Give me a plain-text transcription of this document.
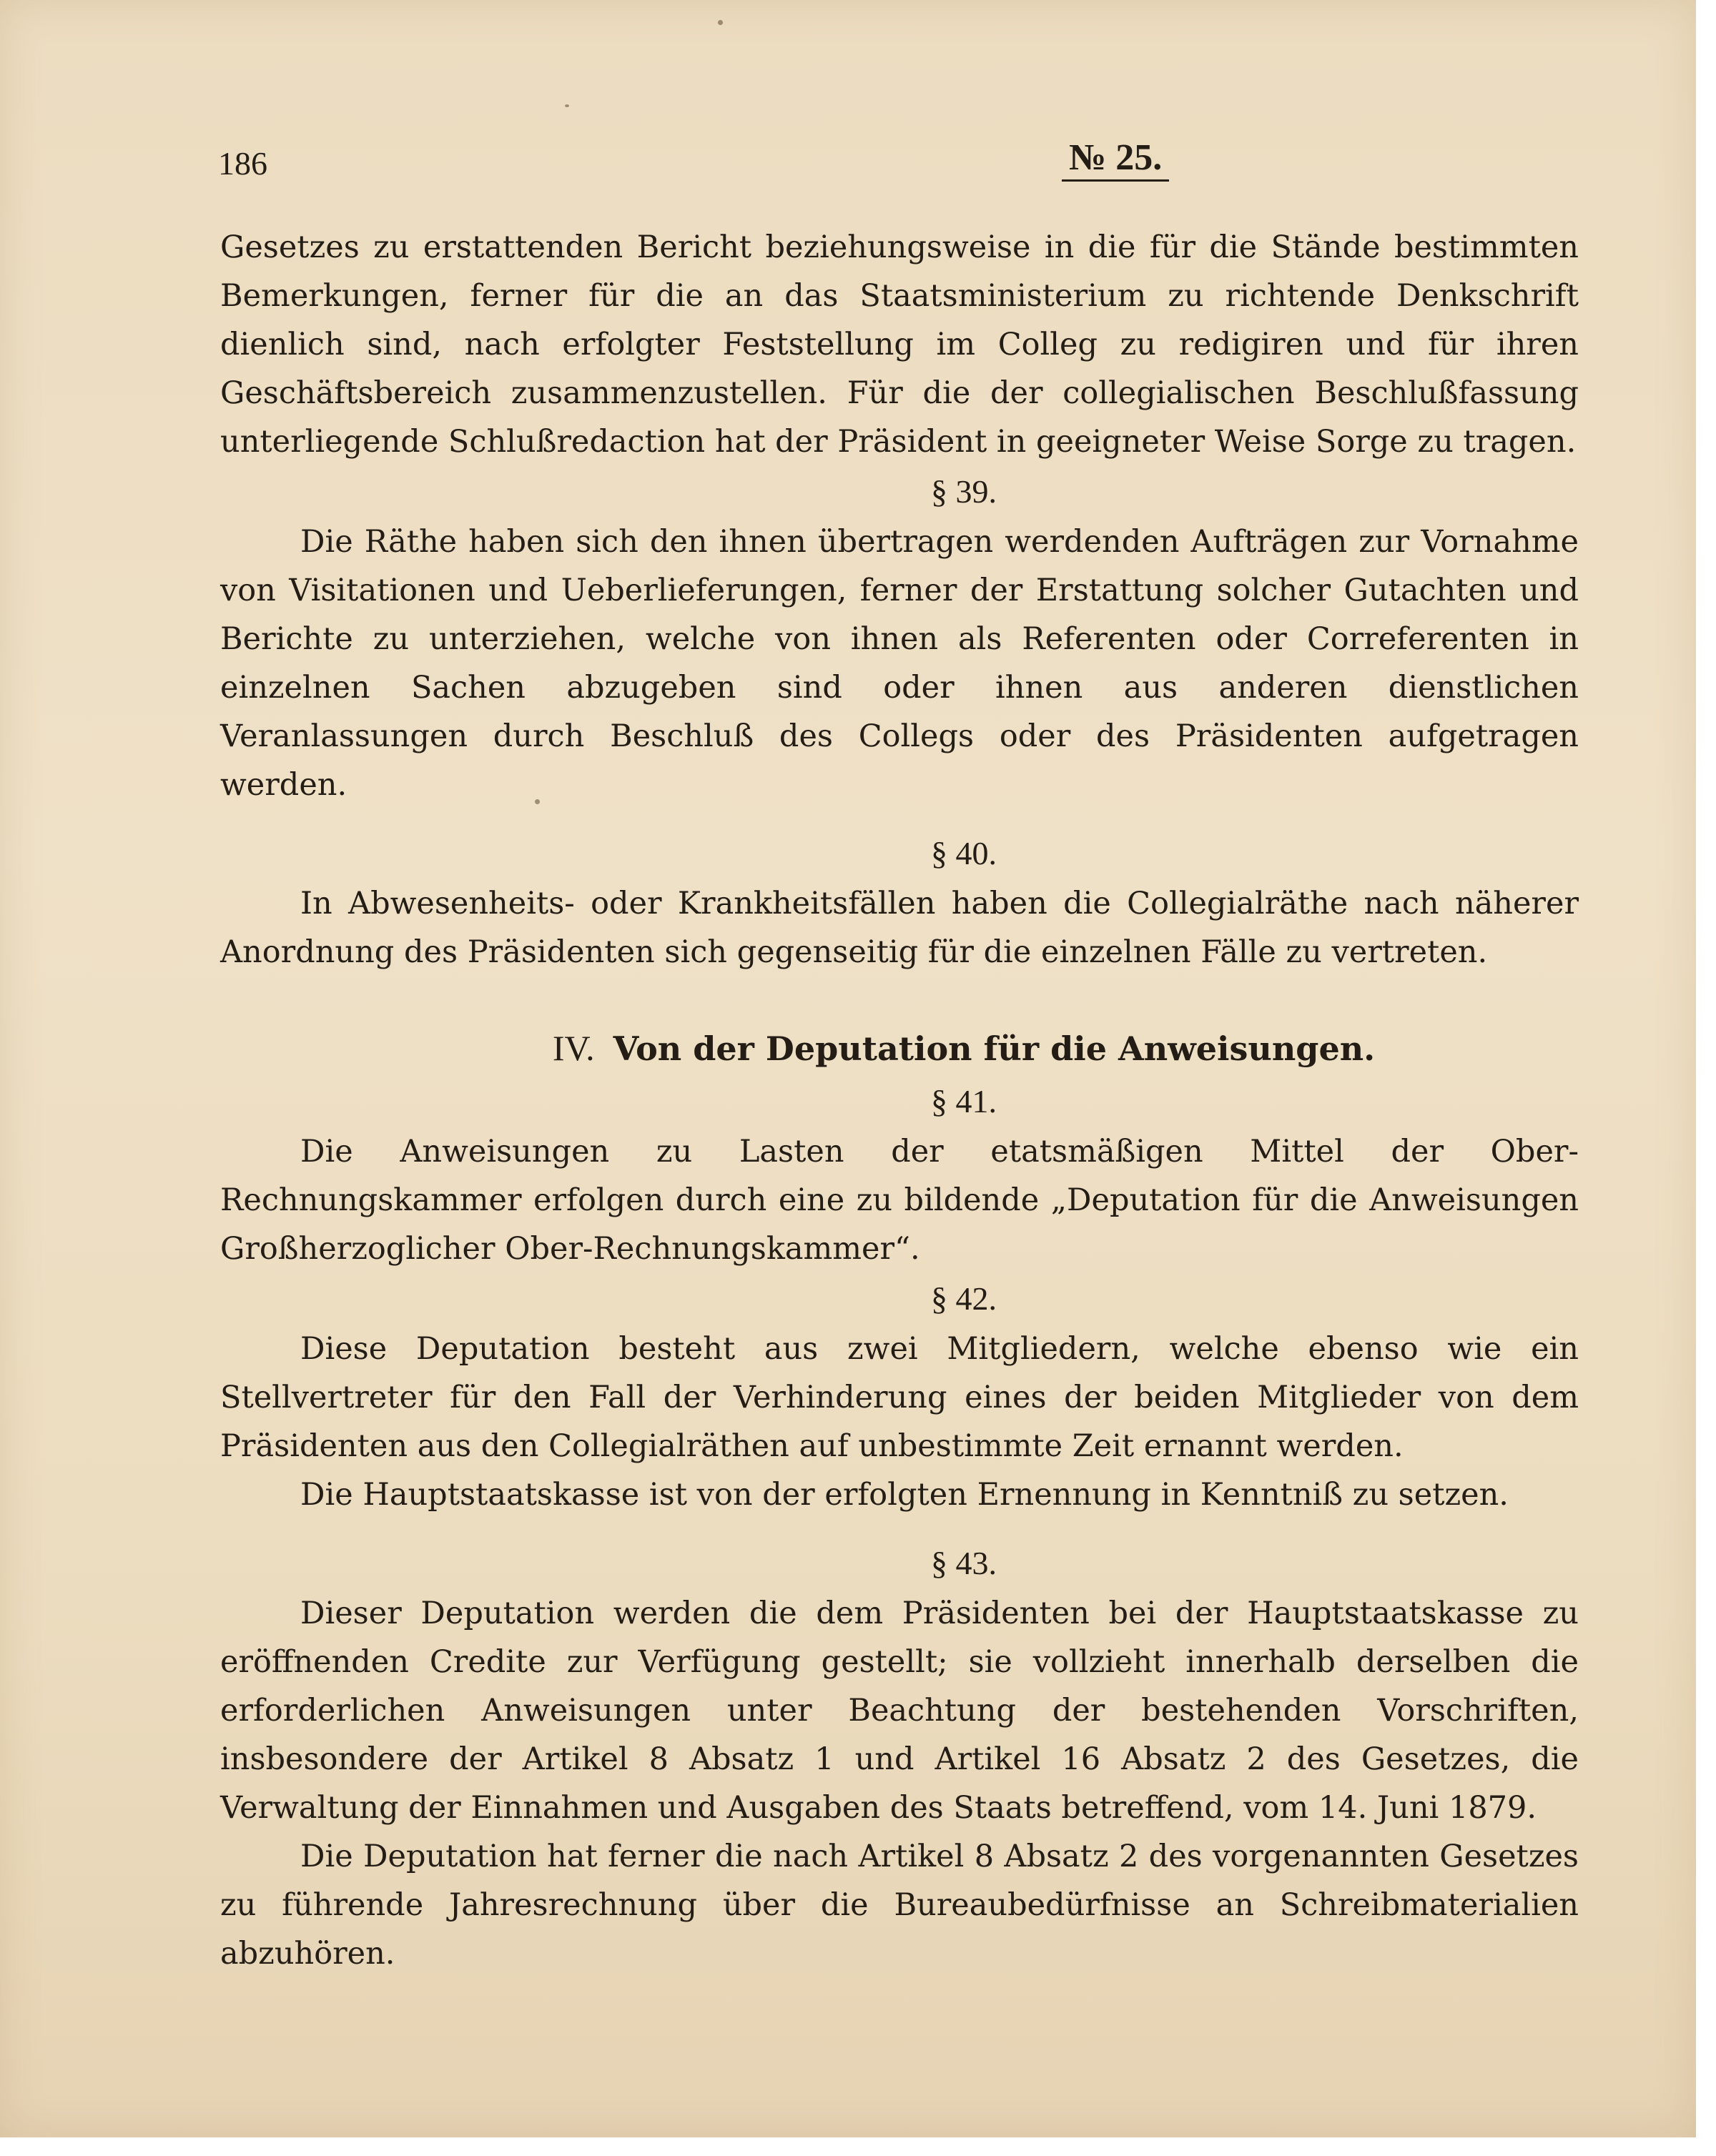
186	№ 25.

Gesetzes zu erstattenden Bericht beziehungsweise in die für die Stände bestimmten Bemerkungen, ferner für die an das Staatsministerium zu richtende Denkschrift dienlich sind, nach erfolgter Feststellung im Colleg zu redigiren und für ihren Geschäftsbereich zusammenzustellen. Für die der collegialischen Beschlußfassung unterliegende Schlußredaction hat der Präsident in geeigneter Weise Sorge zu tragen.

§ 39.

Die Räthe haben sich den ihnen übertragen werdenden Aufträgen zur Vornahme von Visitationen und Ueberlieferungen, ferner der Erstattung solcher Gutachten und Berichte zu unterziehen, welche von ihnen als Referenten oder Correferenten in einzelnen Sachen abzugeben sind oder ihnen aus anderen dienstlichen Veranlassungen durch Beschluß des Collegs oder des Präsidenten aufgetragen werden.

§ 40.

In Abwesenheits- oder Krankheitsfällen haben die Collegialräthe nach näherer Anordnung des Präsidenten sich gegenseitig für die einzelnen Fälle zu vertreten.

IV. Von der Deputation für die Anweisungen.
§ 41.

Die Anweisungen zu Lasten der etatsmäßigen Mittel der Ober-Rechnungskammer erfolgen durch eine zu bildende „Deputation für die Anweisungen Großherzoglicher Ober-Rechnungskammer“.

§ 42.

Diese Deputation besteht aus zwei Mitgliedern, welche ebenso wie ein Stellvertreter für den Fall der Verhinderung eines der beiden Mitglieder von dem Präsidenten aus den Collegialräthen auf unbestimmte Zeit ernannt werden.

Die Hauptstaatskasse ist von der erfolgten Ernennung in Kenntniß zu setzen.

§ 43.

Dieser Deputation werden die dem Präsidenten bei der Hauptstaatskasse zu eröffnenden Credite zur Verfügung gestellt; sie vollzieht innerhalb derselben die erforderlichen Anweisungen unter Beachtung der bestehenden Vorschriften, insbesondere der Artikel 8 Absatz 1 und Artikel 16 Absatz 2 des Gesetzes, die Verwaltung der Einnahmen und Ausgaben des Staats betreffend, vom 14. Juni 1879.

Die Deputation hat ferner die nach Artikel 8 Absatz 2 des vorgenannten Gesetzes zu führende Jahresrechnung über die Bureaubedürfnisse an Schreibmaterialien abzuhören.
